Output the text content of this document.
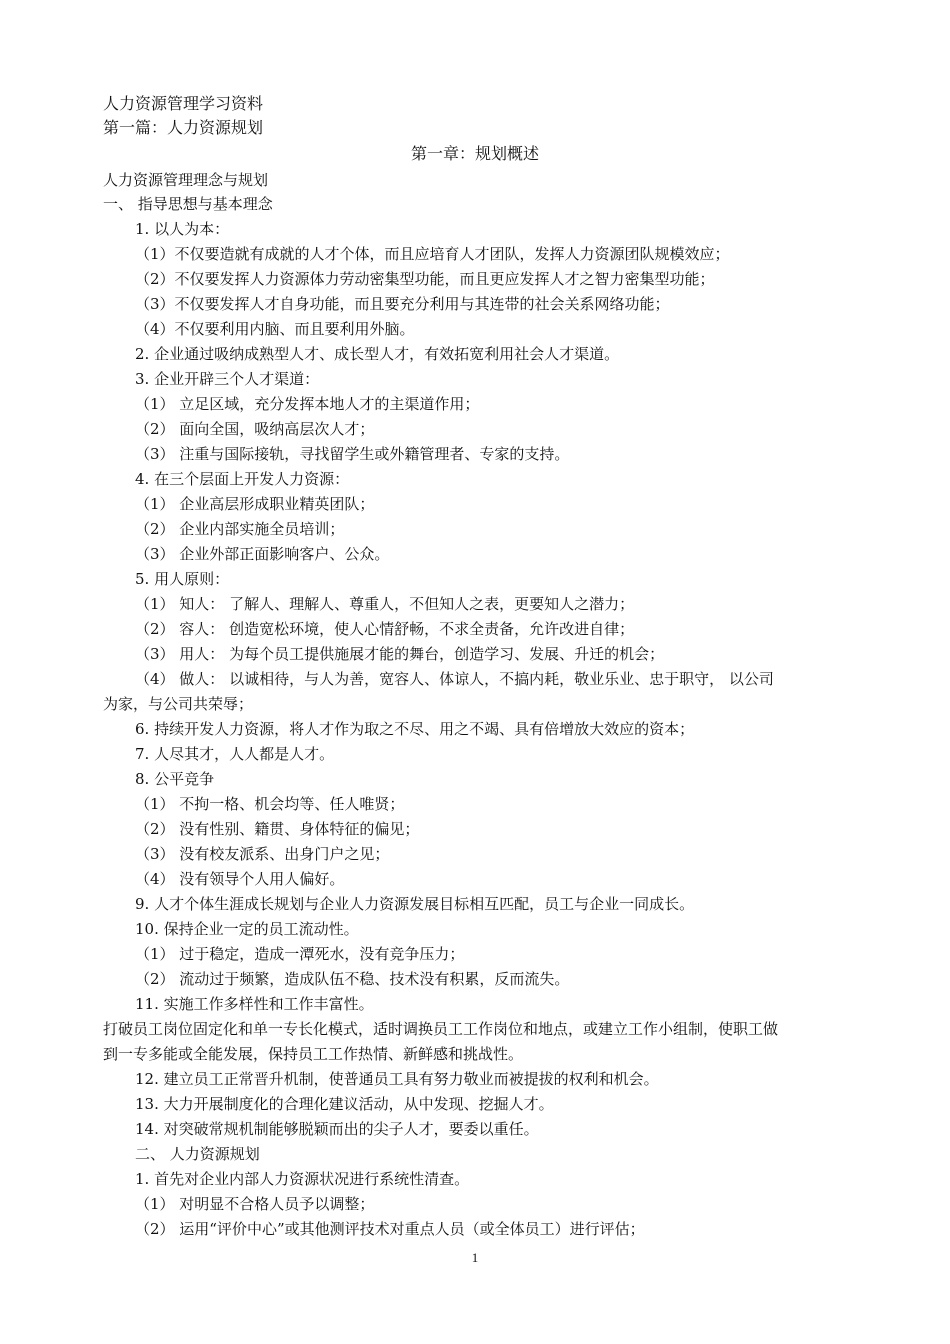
人力资源管理学习资料
第一篇：人力资源规划
第一章：规划概述
人力资源管理理念与规划
一、 指导思想与基本理念
1. 以人为本：
（1）不仅要造就有成就的人才个体，而且应培育人才团队，发挥人力资源团队规模效应；
（2）不仅要发挥人力资源体力劳动密集型功能，而且更应发挥人才之智力密集型功能；
（3）不仅要发挥人才自身功能，而且要充分利用与其连带的社会关系网络功能；
（4）不仅要利用内脑、而且要利用外脑。
2. 企业通过吸纳成熟型人才、成长型人才，有效拓宽利用社会人才渠道。
3. 企业开辟三个人才渠道：
（1） 立足区域，充分发挥本地人才的主渠道作用；
（2） 面向全国，吸纳高层次人才；
（3） 注重与国际接轨，寻找留学生或外籍管理者、专家的支持。
4. 在三个层面上开发人力资源：
（1） 企业高层形成职业精英团队；
（2） 企业内部实施全员培训；
（3） 企业外部正面影响客户、公众。
5. 用人原则：
（1） 知人： 了解人、理解人、尊重人，不但知人之表，更要知人之潜力；
（2） 容人： 创造宽松环境，使人心情舒畅，不求全责备，允许改进自律；
（3） 用人： 为每个员工提供施展才能的舞台，创造学习、发展、升迁的机会；
（4） 做人： 以诚相待，与人为善，宽容人、体谅人，不搞内耗，敬业乐业、忠于职守， 以公司
为家，与公司共荣辱；
6. 持续开发人力资源，将人才作为取之不尽、用之不竭、具有倍增放大效应的资本；
7. 人尽其才，人人都是人才。
8. 公平竞争
（1） 不拘一格、机会均等、任人唯贤；
（2） 没有性别、籍贯、身体特征的偏见；
（3） 没有校友派系、出身门户之见；
（4） 没有领导个人用人偏好。
9. 人才个体生涯成长规划与企业人力资源发展目标相互匹配，员工与企业一同成长。
10. 保持企业一定的员工流动性。
（1） 过于稳定，造成一潭死水，没有竞争压力；
（2） 流动过于频繁，造成队伍不稳、技术没有积累，反而流失。
11. 实施工作多样性和工作丰富性。
打破员工岗位固定化和单一专长化模式，适时调换员工工作岗位和地点，或建立工作小组制，使职工做
到一专多能或全能发展，保持员工工作热情、新鲜感和挑战性。
12. 建立员工正常晋升机制，使普通员工具有努力敬业而被提拔的权利和机会。
13. 大力开展制度化的合理化建议活动，从中发现、挖掘人才。
14. 对突破常规机制能够脱颖而出的尖子人才，要委以重任。
二、 人力资源规划
1. 首先对企业内部人力资源状况进行系统性清查。
（1） 对明显不合格人员予以调整；
（2） 运用“评价中心”或其他测评技术对重点人员（或全体员工）进行评估；
1
